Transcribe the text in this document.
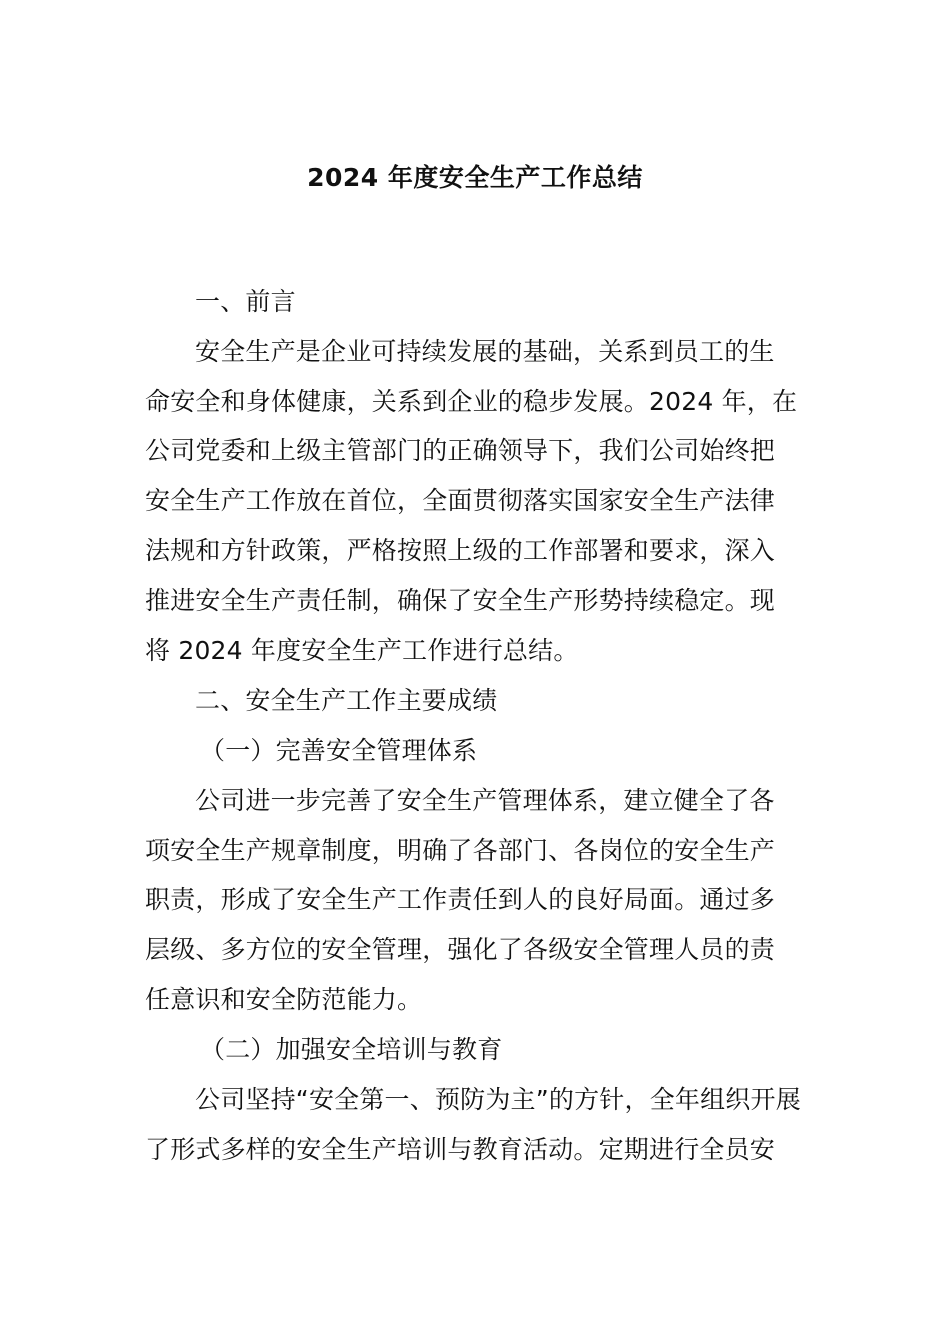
2024 年度安全生产工作总结
一、前言
安全生产是企业可持续发展的基础，关系到员工的生
命安全和身体健康，关系到企业的稳步发展。2024 年，在
公司党委和上级主管部门的正确领导下，我们公司始终把
安全生产工作放在首位，全面贯彻落实国家安全生产法律
法规和方针政策，严格按照上级的工作部署和要求，深入
推进安全生产责任制，确保了安全生产形势持续稳定。现
将 2024 年度安全生产工作进行总结。
二、安全生产工作主要成绩
（一）完善安全管理体系
公司进一步完善了安全生产管理体系，建立健全了各
项安全生产规章制度，明确了各部门、各岗位的安全生产
职责，形成了安全生产工作责任到人的良好局面。通过多
层级、多方位的安全管理，强化了各级安全管理人员的责
任意识和安全防范能力。
（二）加强安全培训与教育
公司坚持“安全第一、预防为主”的方针，全年组织开展
了形式多样的安全生产培训与教育活动。定期进行全员安
